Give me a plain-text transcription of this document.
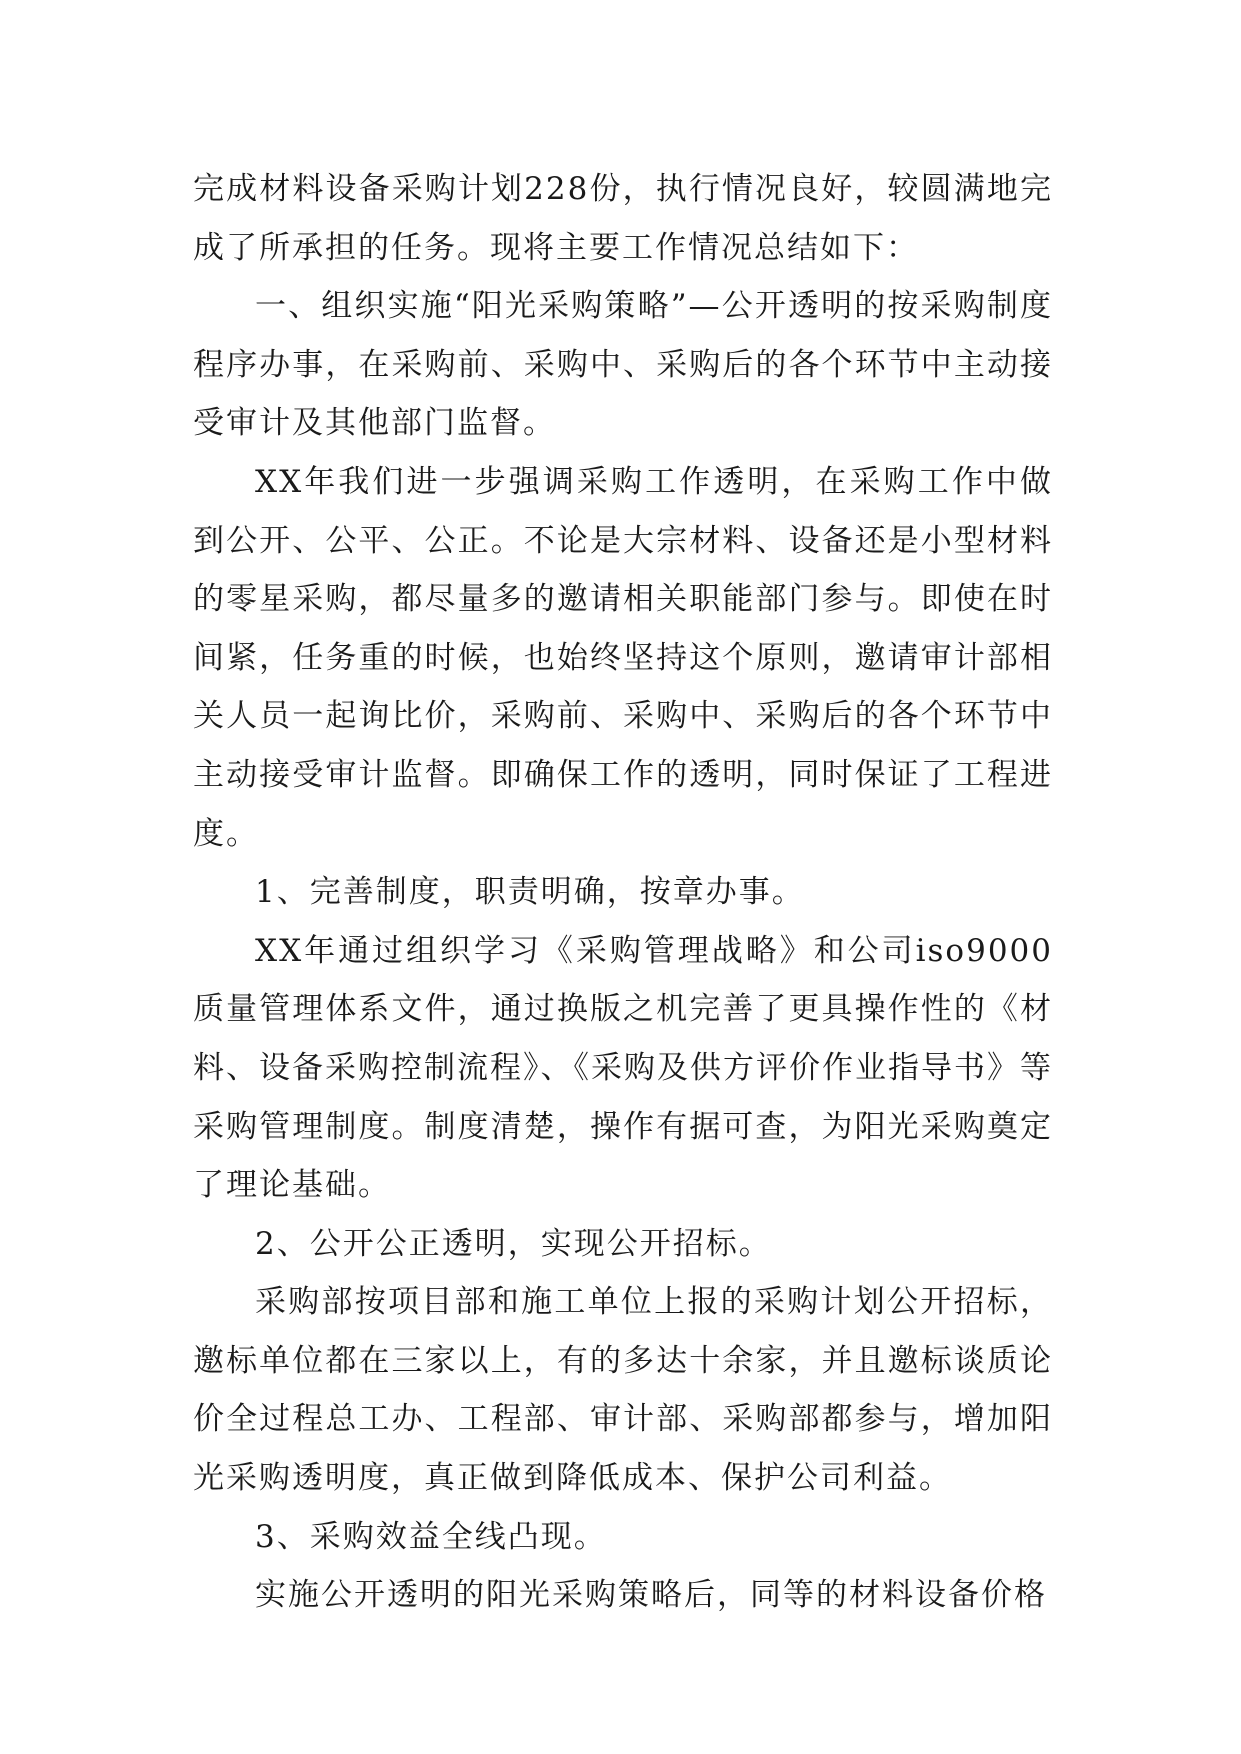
完成材料设备采购计划228份，执行情况良好，较圆满地完成了所承担的任务。现将主要工作情况总结如下：

一、组织实施“阳光采购策略”—公开透明的按采购制度程序办事，在采购前、采购中、采购后的各个环节中主动接受审计及其他部门监督。

XX年我们进一步强调采购工作透明，在采购工作中做到公开、公平、公正。不论是大宗材料、设备还是小型材料的零星采购，都尽量多的邀请相关职能部门参与。即使在时间紧，任务重的时候，也始终坚持这个原则，邀请审计部相关人员一起询比价，采购前、采购中、采购后的各个环节中主动接受审计监督。即确保工作的透明，同时保证了工程进度。

1、完善制度，职责明确，按章办事。

XX年通过组织学习《采购管理战略》和公司iso9000质量管理体系文件，通过换版之机完善了更具操作性的《材料、设备采购控制流程》、《采购及供方评价作业指导书》等采购管理制度。制度清楚，操作有据可查，为阳光采购奠定了理论基础。

2、公开公正透明，实现公开招标。

采购部按项目部和施工单位上报的采购计划公开招标，邀标单位都在三家以上，有的多达十余家，并且邀标谈质论价全过程总工办、工程部、审计部、采购部都参与，增加阳光采购透明度，真正做到降低成本、保护公司利益。

3、采购效益全线凸现。

实施公开透明的阳光采购策略后，同等的材料设备价格
